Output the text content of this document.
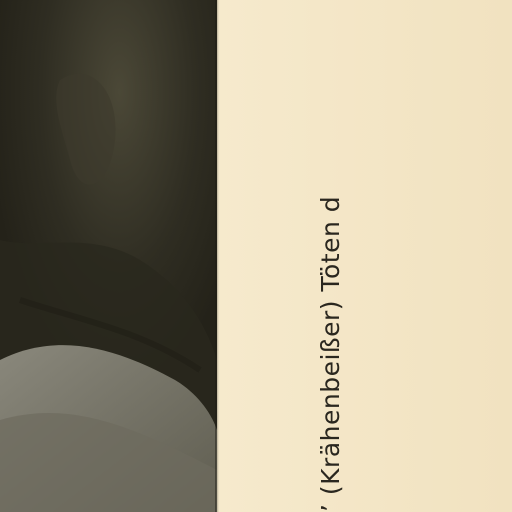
’ (Krähenbeißer) Töten d
